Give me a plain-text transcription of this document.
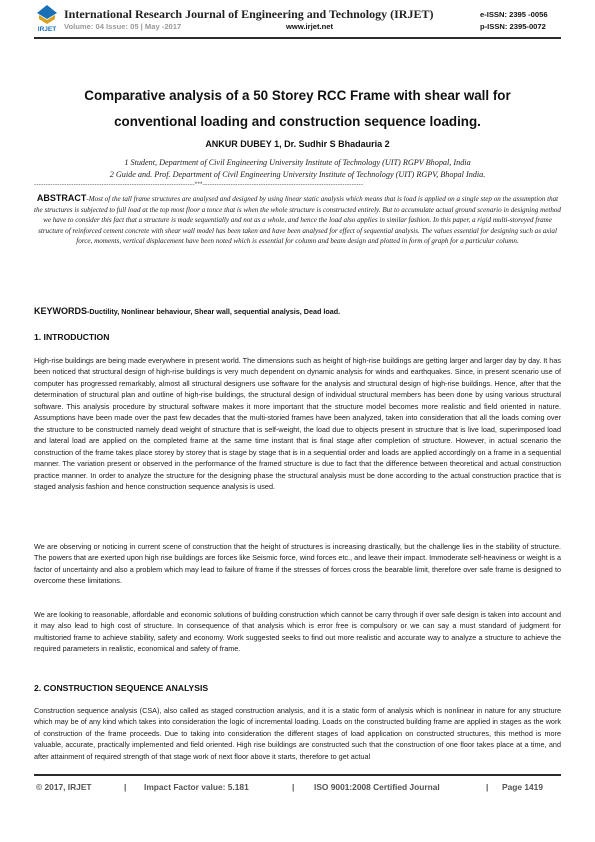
IRJET
International Research Journal of Engineering and Technology (IRJET)
Volume: 04 Issue: 05 | May -2017	www.irjet.net
e-ISSN: 2395 -0056
p-ISSN: 2395-0072
Comparative analysis of a 50 Storey RCC Frame with shear wall for
conventional loading and construction sequence loading.
ANKUR DUBEY 1, Dr. Sudhir S Bhadauria 2
1 Student, Department of Civil Engineering University Institute of Technology (UIT) RGPV Bhopal, India
2 Guide and. Prof. Department of Civil Engineering University Institute of Technology (UIT) RGPV, Bhopal India.
---------------------------------------------------------------------***---------------------------------------------------------------------
ABSTRACT-Most of the tall frame structures are analysed and designed by using linear static analysis which means that is load is applied on a single step on the assumption that the structures is subjected to full load at the top most floor a tonce that is when the whole structure is constructed entirely. But to accumulate actual ground scenario in designing method we have to consider this fact that a structure is made sequentially and not as a whole, and hence the load also applies in similar fashion. In this paper, a rigid multi-storeyed frame structure of reinforced cement concrete with shear wall model has been taken and have been analysed for effect of sequential analysis. The values essential for designing such as axial force, moments, vertical displacement have been noted which is essential for column and beam design and plotted in form of graph for a particular column.
KEYWORDS-Ductility, Nonlinear behaviour, Shear wall, sequential analysis, Dead load.
1. INTRODUCTION
High-rise buildings are being made everywhere in present world. The dimensions such as height of high-rise buildings are getting larger and larger day by day. It has been noticed that structural design of high-rise buildings is very much dependent on dynamic analysis for winds and earthquakes. Since, in present scenario use of computer has progressed remarkably, almost all structural designers use software for the analysis and structural design of high-rise buildings. Hence, after that the determination of structural plan and outline of high-rise buildings, the structural design of individual structural members has been done by using various structural software. This analysis procedure by structural software makes it more important that the structure model becomes more realistic and field oriented in nature. Assumptions have been made over the past few decades that the multi-storied frames have been analyzed, taken into consideration that all the loads coming over the structure to be constructed namely dead weight of structure that is self-weight, the load due to objects present in structure that is live load, superimposed load and lateral load are applied on the completed frame at the same time instant that is final stage after completion of structure. However, in actual scenario the construction of the frame takes place storey by storey that is stage by stage that is in a sequential order and loads are applied accordingly on a frame in a sequential manner. The variation present or observed in the performance of the framed structure is due to fact that the difference between theoretical and actual construction practice manner. In order to analyze the structure for the designing phase the structural analysis must be done according to the actual construction practice that is staged analysis fashion and hence construction sequence analysis is used.
We are observing or noticing in current scene of construction that the height of structures is increasing drastically, but the challenge lies in the stability of structure. The powers that are exerted upon high rise buildings are forces like Seismic force, wind forces etc., and leave their impact. Immoderate self-heaviness or weight is a factor of uncertainty and also a problem which may lead to failure of frame if the stresses of forces cross the bearable limit, therefore over safe frame is designed to overcome these limitations.
We are looking to reasonable, affordable and economic solutions of building construction which cannot be carry through if over safe design is taken into account and it may also lead to high cost of structure. In consequence of that analysis which is error free is compulsory or we can say a must standard of judgment for multistoried frame to achieve stability, safety and economy. Work suggested seeks to find out more realistic and accurate way to analyze a structure to achieve the required parameters in realistic, economical and safety of frame.
2. CONSTRUCTION SEQUENCE ANALYSIS
Construction sequence analysis (CSA), also called as staged construction analysis, and it is a static form of analysis which is nonlinear in nature for any structure which may be of any kind which takes into consideration the logic of incremental loading. Loads on the constructed building frame are applied in stages as the work of construction of the frame proceeds. Due to taking into consideration the different stages of load application on constructed structures, this method is more valuable, accurate, practically implemented and field oriented. High rise buildings are constructed such that the construction of one floor takes place at a time, and after attainment of required strength of that stage work of next floor above it starts, therefore to get actual
© 2017, IRJET	| Impact Factor value: 5.181	| ISO 9001:2008 Certified Journal	| Page 1419
